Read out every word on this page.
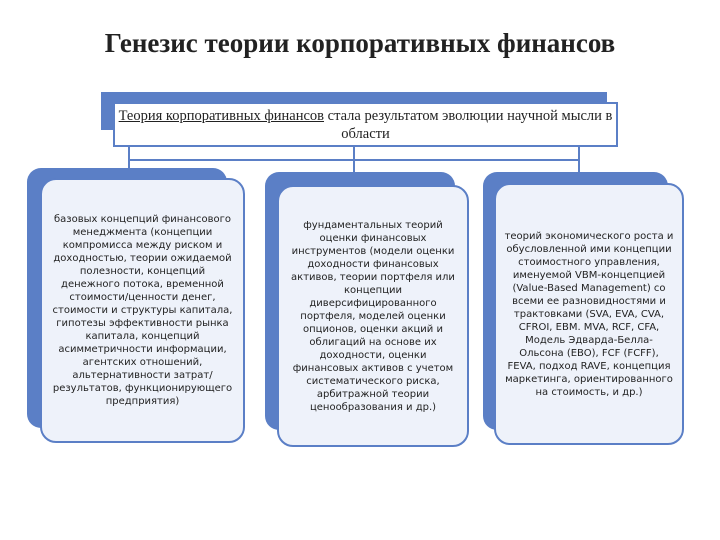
Генезис теории корпоративных финансов
Теория корпоративных финансов стала результатом эволюции научной мысли в области
базовых концепций финансового менеджмента (концепции компромисса между риском и доходностью, теории ожидаемой полезности, концепций денежного потока, временной стоимости/ценности денег, стоимости и структуры капитала, гипотезы эффективности рынка капитала, концепций асимметричности информации, агентских отношений, альтернативности затрат/результатов, функционирующего предприятия)
фундаментальных теорий оценки финансовых инструментов (модели оценки доходности финансовых активов, теории портфеля или концепции диверсифицированного портфеля, моделей оценки опционов, оценки акций и облигаций на основе их доходности, оценки финансовых активов с учетом систематического риска, арбитражной теории ценообразования и др.)
теорий экономического роста и обусловленной ими концепции стоимостного управления, именуемой VBM-концепцией (Value-Based Management) со всеми ее разновидностями и трактовками (SVA, EVA, CVA, CFROI, EBM. MVA, RCF, CFA, Модель Эдварда-Белла-Ольсона (EBO), FCF (FCFF), FEVA, подход RAVE, концепция маркетинга, ориентированного на стоимость, и др.)
